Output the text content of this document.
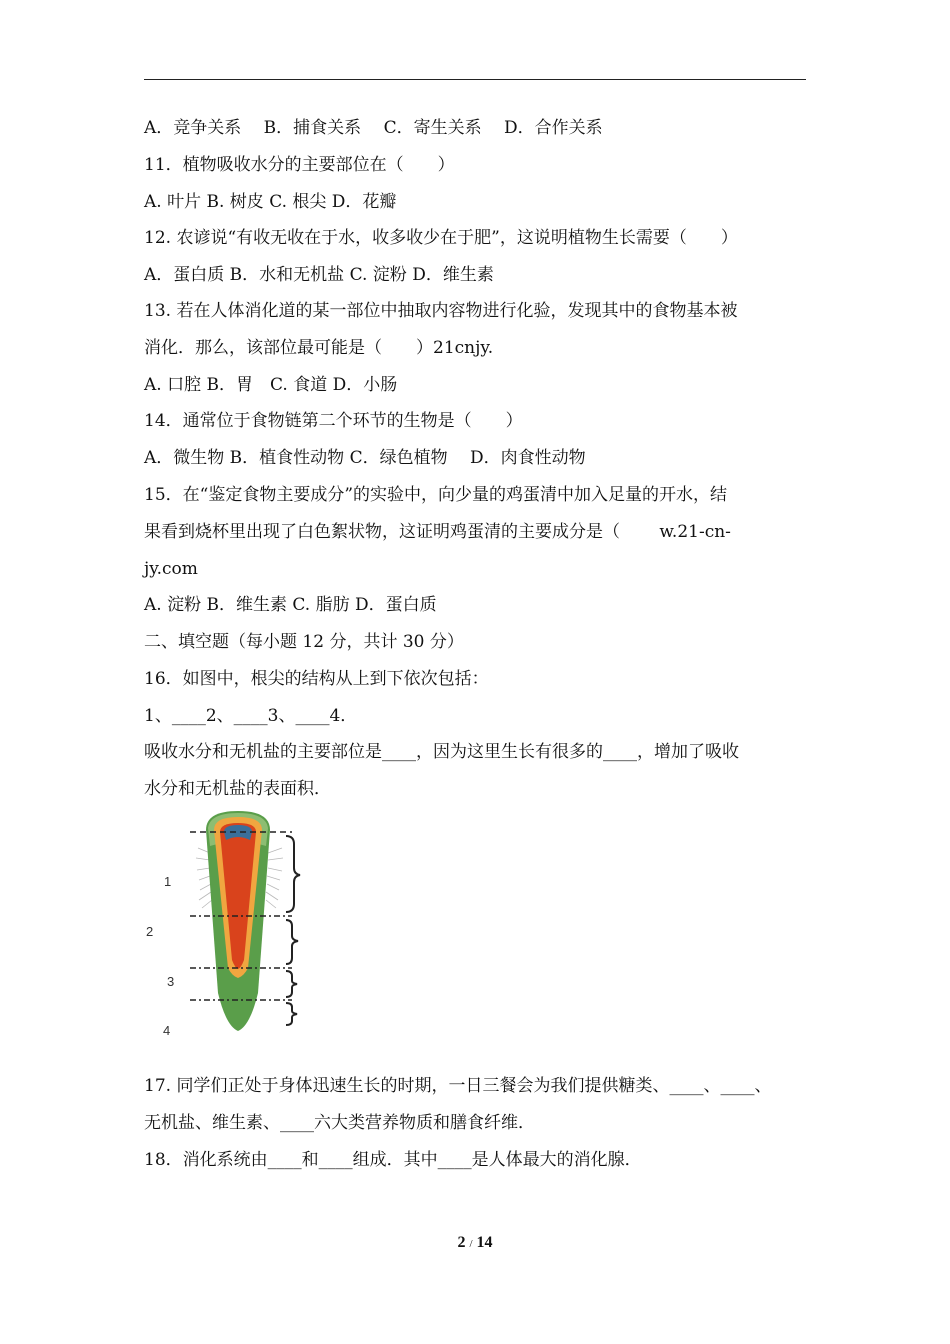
A．竞争关系　 B．捕食关系　 C．寄生关系　 D．合作关系
11．植物吸收水分的主要部位在（　　）
A. 叶片 B. 树皮 C. 根尖 D．花瓣
12. 农谚说“有收无收在于水，收多收少在于肥”，这说明植物生长需要（　　）
A．蛋白质 B．水和无机盐 C. 淀粉 D．维生素
13. 若在人体消化道的某一部位中抽取内容物进行化验，发现其中的食物基本被
消化．那么，该部位最可能是（　　）21cnjy.
A. 口腔 B．胃　C. 食道 D．小肠
14．通常位于食物链第二个环节的生物是（　　）
A．微生物 B．植食性动物 C．绿色植物　 D．肉食性动物
15．在“鉴定食物主要成分”的实验中，向少量的鸡蛋清中加入足量的开水，结
果看到烧杯里出现了白色絮状物，这证明鸡蛋清的主要成分是（　　 w.21-cn-
jy.com
A. 淀粉 B．维生素 C. 脂肪 D．蛋白质
二、填空题（每小题 12 分，共计 30 分）
16．如图中，根尖的结构从上到下依次包括：
1、____2、____3、____4．
吸收水分和无机盐的主要部位是____，因为这里生长有很多的____，增加了吸收
水分和无机盐的表面积．
1
2
3
4
17. 同学们正处于身体迅速生长的时期，一日三餐会为我们提供糖类、____、____、
无机盐、维生素、____六大类营养物质和膳食纤维．
18．消化系统由____和____组成．其中____是人体最大的消化腺．
2 / 14
